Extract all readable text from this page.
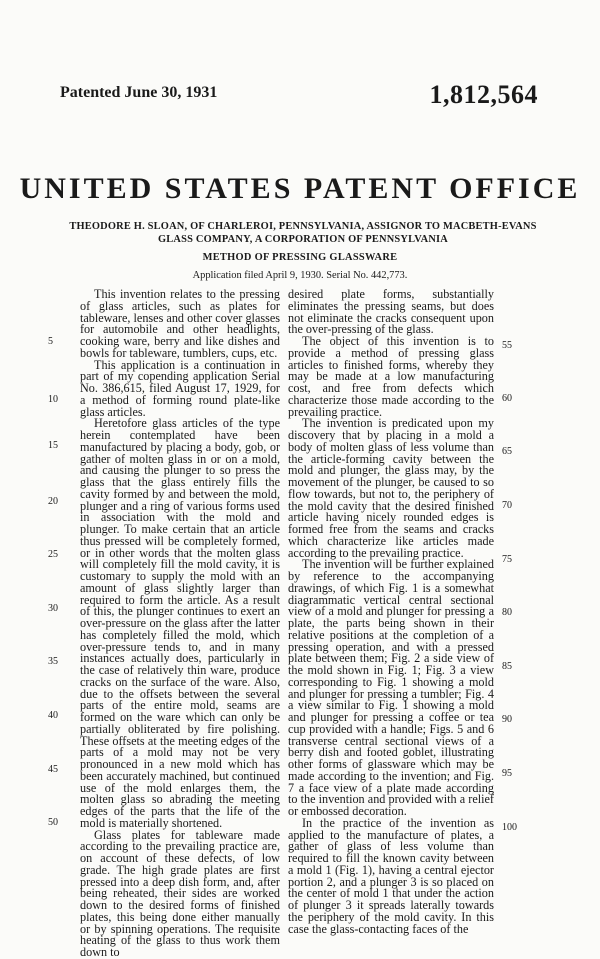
Patented June 30, 1931	1,812,564
UNITED STATES PATENT OFFICE
THEODORE H. SLOAN, OF CHARLEROI, PENNSYLVANIA, ASSIGNOR TO MACBETH-EVANS
GLASS COMPANY, A CORPORATION OF PENNSYLVANIA
METHOD OF PRESSING GLASSWARE
Application filed April 9, 1930. Serial No. 442,773.

This invention relates to the pressing of glass articles, such as plates for tableware, lenses and other cover glasses for automobile and other headlights, cooking ware, berry and like dishes and bowls for tableware, tumblers, cups, etc.

This application is a continuation in part of my copending application Serial No. 386,615, filed August 17, 1929, for a method of forming round plate-like glass articles.

Heretofore glass articles of the type herein contemplated have been manufactured by placing a body, gob, or gather of molten glass in or on a mold, and causing the plunger to so press the glass that the glass entirely fills the cavity formed by and between the mold, plunger and a ring of various forms used in association with the mold and plunger. To make certain that an article thus pressed will be completely formed, or in other words that the molten glass will completely fill the mold cavity, it is customary to supply the mold with an amount of glass slightly larger than required to form the article. As a result of this, the plunger continues to exert an over-pressure on the glass after the latter has completely filled the mold, which over-pressure tends to, and in many instances actually does, particularly in the case of relatively thin ware, produce cracks on the surface of the ware. Also, due to the offsets between the several parts of the entire mold, seams are formed on the ware which can only be partially obliterated by fire polishing. These offsets at the meeting edges of the parts of a mold may not be very pronounced in a new mold which has been accurately machined, but continued use of the mold enlarges them, the molten glass so abrading the meeting edges of the parts that the life of the mold is materially shortened.

Glass plates for tableware made according to the prevailing practice are, on account of these defects, of low grade. The high grade plates are first pressed into a deep dish form, and, after being reheated, their sides are worked down to the desired forms of finished plates, this being done either manually or by spinning operations. The requisite heating of the glass to thus work them down to

desired plate forms, substantially eliminates the pressing seams, but does not eliminate the cracks consequent upon the over-pressing of the glass.

The object of this invention is to provide a method of pressing glass articles to finished forms, whereby they may be made at a low manufacturing cost, and free from defects which characterize those made according to the prevailing practice.

The invention is predicated upon my discovery that by placing in a mold a body of molten glass of less volume than the article-forming cavity between the mold and plunger, the glass may, by the movement of the plunger, be caused to so flow towards, but not to, the periphery of the mold cavity that the desired finished article having nicely rounded edges is formed free from the seams and cracks which characterize like articles made according to the prevailing practice.

The invention will be further explained by reference to the accompanying drawings, of which Fig. 1 is a somewhat diagrammatic vertical central sectional view of a mold and plunger for pressing a plate, the parts being shown in their relative positions at the completion of a pressing operation, and with a pressed plate between them; Fig. 2 a side view of the mold shown in Fig. 1; Fig. 3 a view corresponding to Fig. 1 showing a mold and plunger for pressing a tumbler; Fig. 4 a view similar to Fig. 1 showing a mold and plunger for pressing a coffee or tea cup provided with a handle; Figs. 5 and 6 transverse central sectional views of a berry dish and footed goblet, illustrating other forms of glassware which may be made according to the invention; and Fig. 7 a face view of a plate made according to the invention and provided with a relief or embossed decoration.

In the practice of the invention as applied to the manufacture of plates, a gather of glass of less volume than required to fill the known cavity between a mold 1 (Fig. 1), having a central ejector portion 2, and a plunger 3 is so placed on the center of mold 1 that under the action of plunger 3 it spreads laterally towards the periphery of the mold cavity. In this case the glass-contacting faces of the

5
10
15
20
25
30
35
40
45
50
55
60
65
70
75
80
85
90
95
100
